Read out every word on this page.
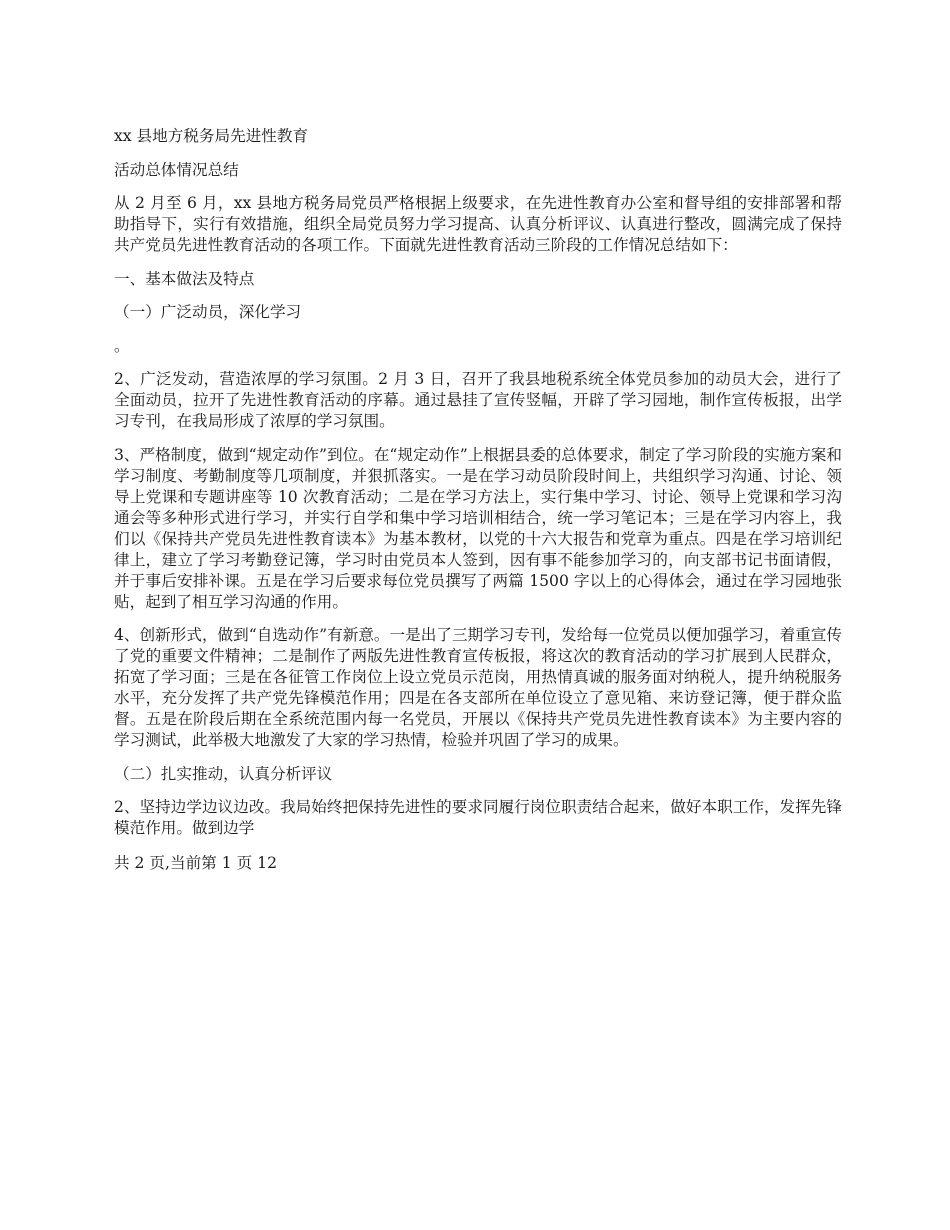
xx 县地方税务局先进性教育

活动总体情况总结

从 2 月至 6 月，xx 县地方税务局党员严格根据上级要求，在先进性教育办公室和督导组的安排部署和帮助指导下，实行有效措施，组织全局党员努力学习提高、认真分析评议、认真进行整改，圆满完成了保持共产党员先进性教育活动的各项工作。下面就先进性教育活动三阶段的工作情况总结如下：

一、基本做法及特点

（一）广泛动员，深化学习

。

2、广泛发动，营造浓厚的学习氛围。2 月 3 日，召开了我县地税系统全体党员参加的动员大会，进行了全面动员，拉开了先进性教育活动的序幕。通过悬挂了宣传竖幅，开辟了学习园地，制作宣传板报，出学习专刊，在我局形成了浓厚的学习氛围。

3、严格制度，做到“规定动作”到位。在“规定动作”上根据县委的总体要求，制定了学习阶段的实施方案和学习制度、考勤制度等几项制度，并狠抓落实。一是在学习动员阶段时间上，共组织学习沟通、讨论、领导上党课和专题讲座等 10 次教育活动；二是在学习方法上，实行集中学习、讨论、领导上党课和学习沟通会等多种形式进行学习，并实行自学和集中学习培训相结合，统一学习笔记本；三是在学习内容上，我们以《保持共产党员先进性教育读本》为基本教材，以党的十六大报告和党章为重点。四是在学习培训纪律上，建立了学习考勤登记簿，学习时由党员本人签到，因有事不能参加学习的，向支部书记书面请假，并于事后安排补课。五是在学习后要求每位党员撰写了两篇 1500 字以上的心得体会，通过在学习园地张贴，起到了相互学习沟通的作用。

4、创新形式，做到“自选动作”有新意。一是出了三期学习专刊，发给每一位党员以便加强学习，着重宣传了党的重要文件精神；二是制作了两版先进性教育宣传板报，将这次的教育活动的学习扩展到人民群众，拓宽了学习面；三是在各征管工作岗位上设立党员示范岗，用热情真诚的服务面对纳税人，提升纳税服务水平，充分发挥了共产党先锋模范作用；四是在各支部所在单位设立了意见箱、来访登记簿，便于群众监督。五是在阶段后期在全系统范围内每一名党员，开展以《保持共产党员先进性教育读本》为主要内容的学习测试，此举极大地激发了大家的学习热情，检验并巩固了学习的成果。

（二）扎实推动，认真分析评议

2、坚持边学边议边改。我局始终把保持先进性的要求同履行岗位职责结合起来，做好本职工作，发挥先锋模范作用。做到边学

共 2 页,当前第 1 页 12
